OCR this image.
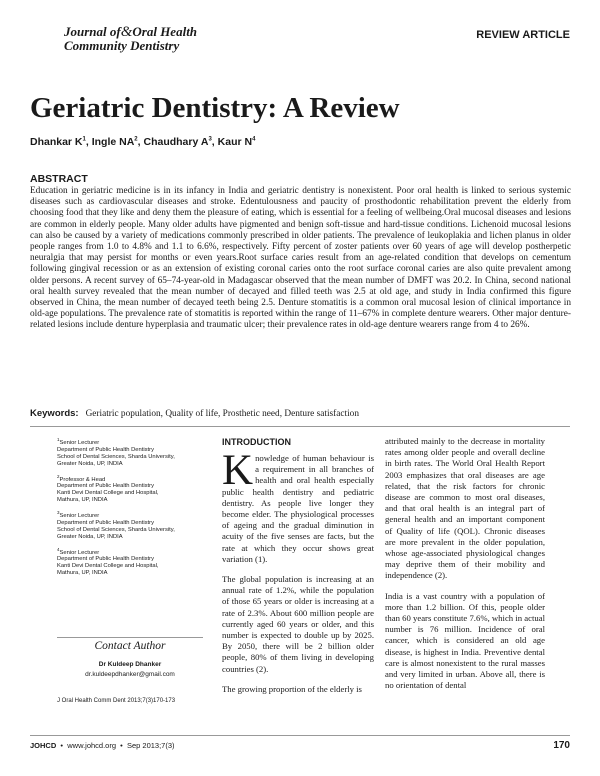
Journal of&Oral Health
Community Dentistry
REVIEW ARTICLE
Geriatric Dentistry: A Review
Dhankar $K^1$, Ingle $NA^2$, Chaudhary $A^3$, Kaur $N^4$
ABSTRACT
Education in geriatric medicine is in its infancy in India and geriatric dentistry is nonexistent. Poor oral health is linked to serious systemic diseases such as cardiovascular diseases and stroke. Edentulousness and paucity of prosthodontic rehabilitation prevent the elderly from choosing food that they like and deny them the pleasure of eating, which is essential for a feeling of wellbeing.Oral mucosal diseases and lesions are common in elderly people. Many older adults have pigmented and benign soft-tissue and hard-tissue conditions. Lichenoid mucosal lesions can also be caused by a variety of medications commonly prescribed in older patients. The prevalence of leukoplakia and lichen planus in older people ranges from 1.0 to 4.8% and 1.1 to 6.6%, respectively. Fifty percent of zoster patients over 60 years of age will develop postherpetic neuralgia that may persist for months or even years.Root surface caries result from an age-related condition that develops on cementum following gingival recession or as an extension of existing coronal caries onto the root surface coronal caries are also quite prevalent among older persons. A recent survey of 65–74-year-old in Madagascar observed that the mean number of DMFT was 20.2. In China, second national oral health survey revealed that the mean number of decayed and filled teeth was 2.5 at old age, and study in India confirmed this figure observed in China, the mean number of decayed teeth being 2.5. Denture stomatitis is a common oral mucosal lesion of clinical importance in old-age populations. The prevalence rate of stomatitis is reported within the range of 11–67% in complete denture wearers. Other major denture-related lesions include denture hyperplasia and traumatic ulcer; their prevalence rates in old-age denture wearers range from 4 to 26%.
Keywords: Geriatric population, Quality of life, Prosthetic need, Denture satisfaction
$^1$Senior Lecturer
Department of Public Health Dentistry
School of Dental Sciences, Sharda University,
Greater Noida, UP, INDIA
$^2$Professor & Head
Department of Public Health Dentistry
Kanti Devi Dental College and Hospital,
Mathura, UP, INDIA
$^3$Senior Lecturer
Department of Public Health Dentistry
School of Dental Sciences, Sharda University,
Greater Noida, UP, INDIA
$^4$Senior Lecturer
Department of Public Health Dentistry
Kanti Devi Dental College and Hospital,
Mathura, UP, INDIA
Contact Author
Dr Kuldeep Dhanker
dr.kuldeepdhanker@gmail.com
J Oral Health Comm Dent 2013;7(3)170-173
INTRODUCTION

Knowledge of human behaviour is a requirement in all branches of health and oral health especially public health dentistry and pediatric dentistry. As people live longer they become elder. The physiological processes of ageing and the gradual diminution in acuity of the five senses are facts, but the rate at which they occur shows great variation (1).

The global population is increasing at an annual rate of 1.2%, while the population of those 65 years or older is increasing at a rate of 2.3%. About 600 million people are currently aged 60 years or older, and this number is expected to double up by 2025. By 2050, there will be 2 billion older people, 80% of them living in developing countries (2).

The growing proportion of the elderly is

attributed mainly to the decrease in mortality rates among older people and overall decline in birth rates. The World Oral Health Report 2003 emphasizes that oral diseases are age related, that the risk factors for chronic disease are common to most oral diseases, and that oral health is an integral part of general health and an important component of Quality of life (QOL). Chronic diseases are more prevalent in the older population, whose age-associated physiological changes may deprive them of their mobility and independence (2).

India is a vast country with a population of more than 1.2 billion. Of this, people older than 60 years constitute 7.6%, which in actual number is 76 million. Incidence of oral cancer, which is considered an old age disease, is highest in India. Preventive dental care is almost nonexistent to the rural masses and very limited in urban. Above all, there is no orientation of dental

JOHCD  •  www.johcd.org  •  Sep 2013;7(3)	170
